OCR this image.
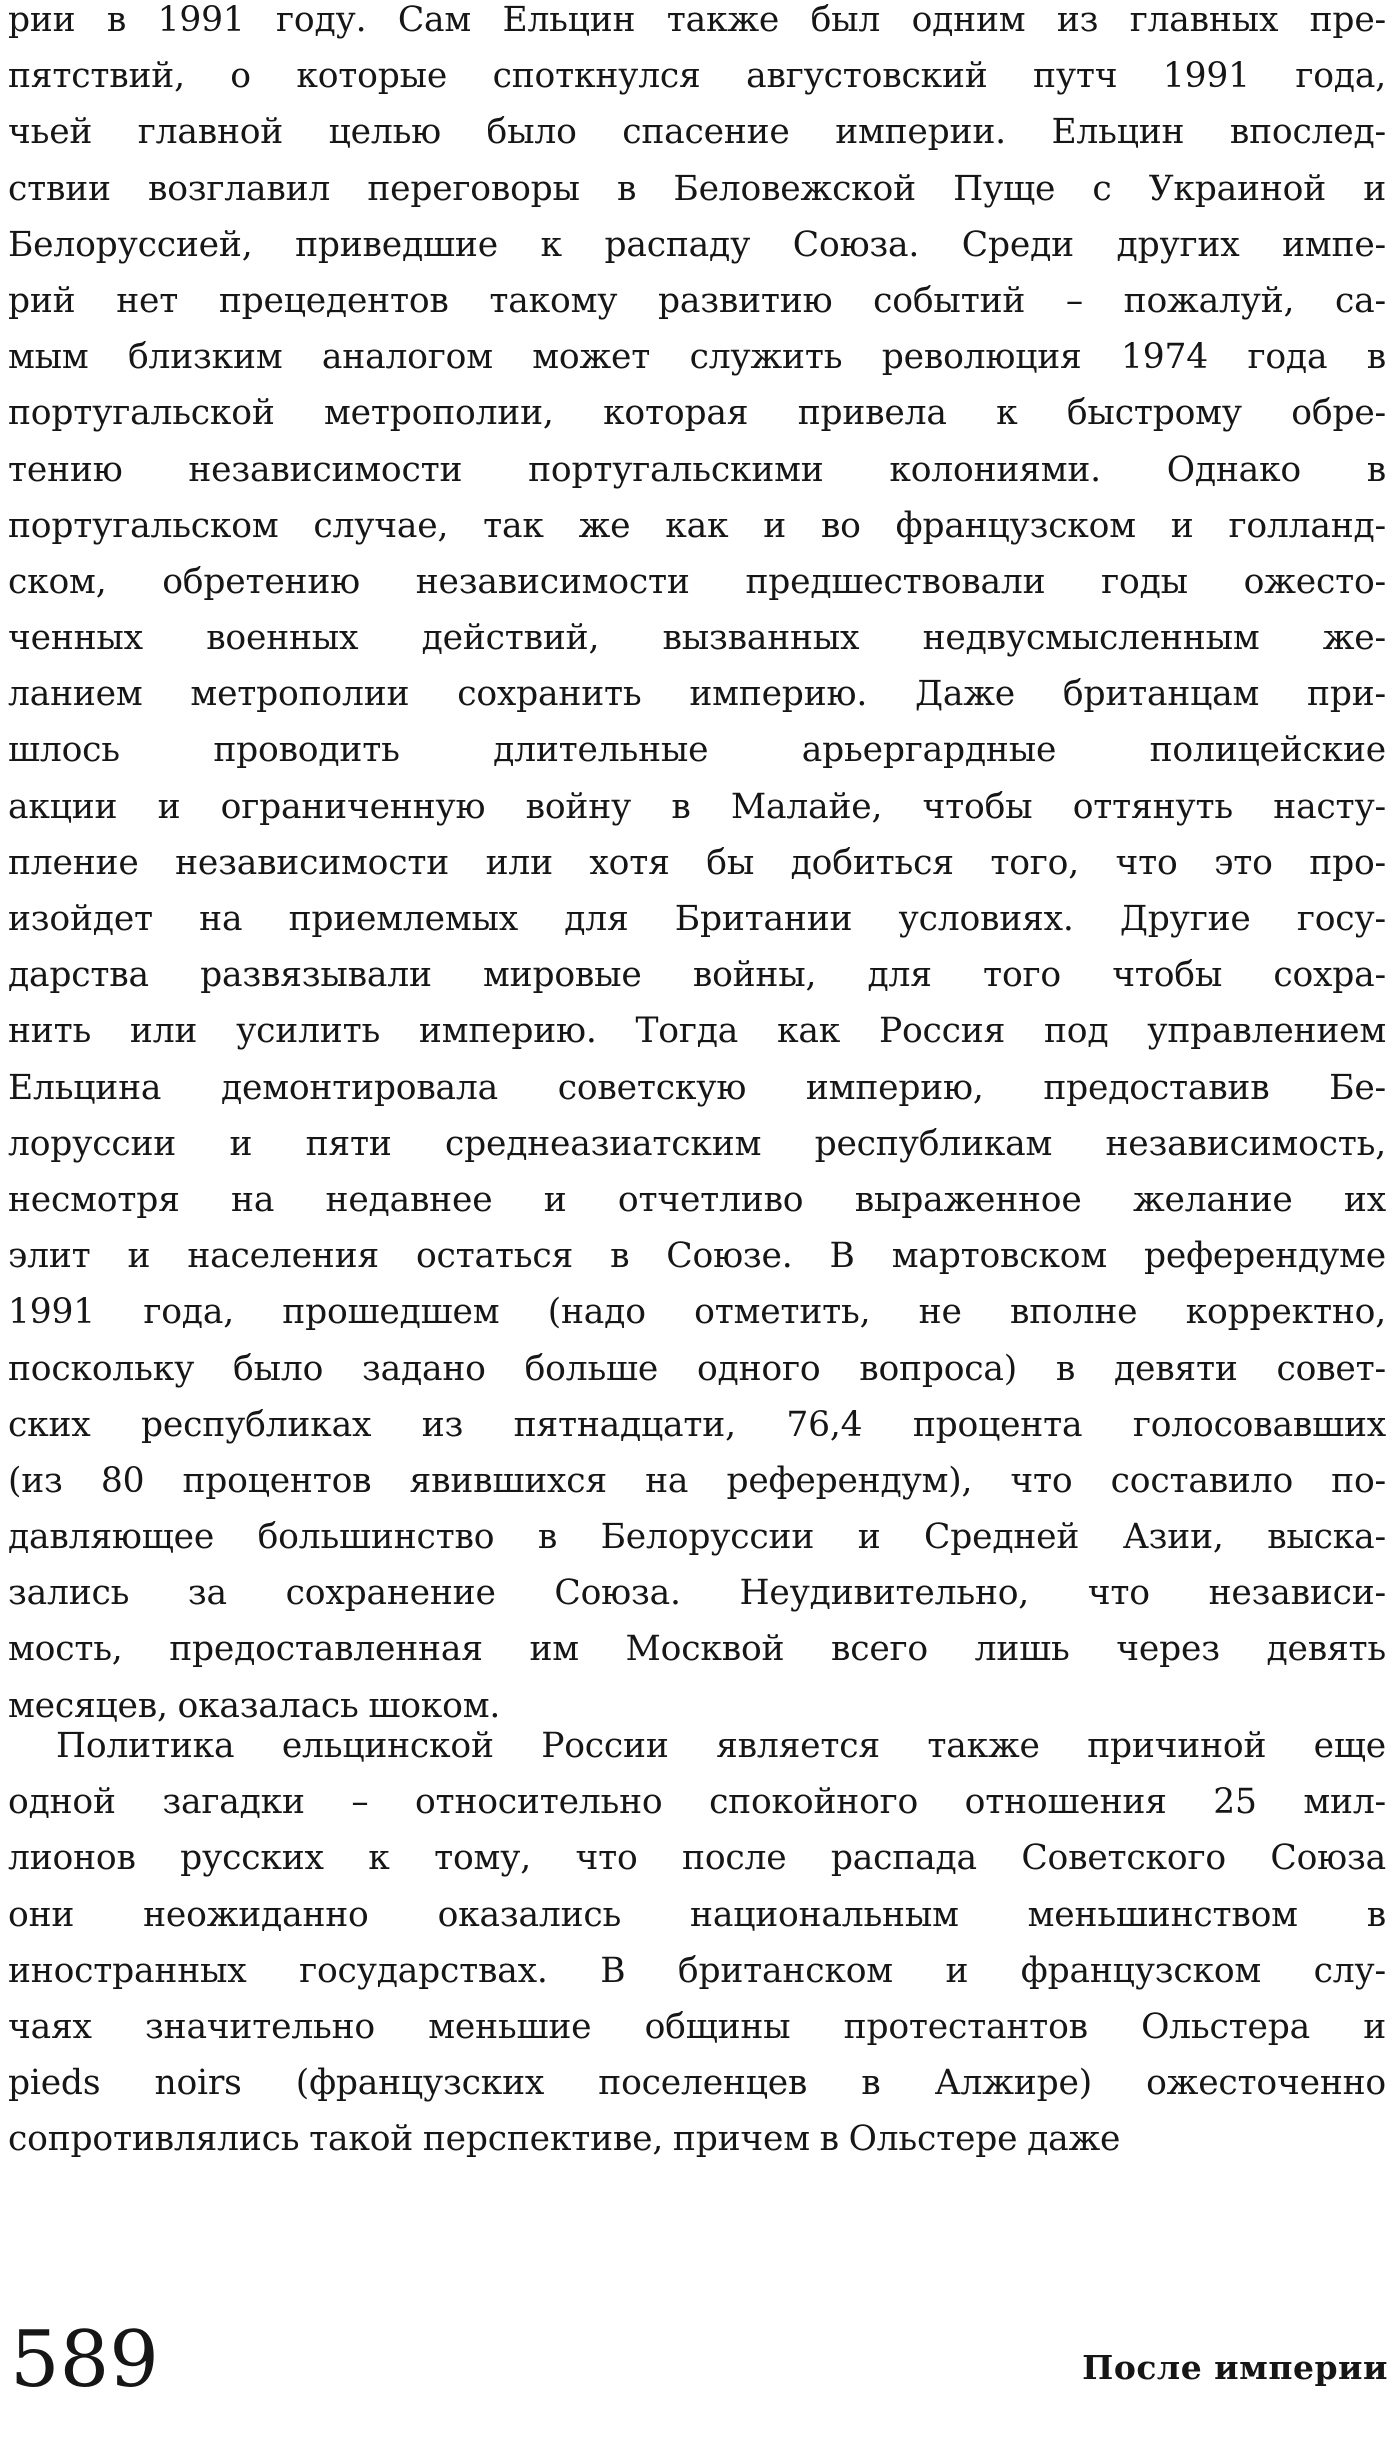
рии в 1991 году. Сам Ельцин также был одним из главных пре-
пятствий, о которые споткнулся августовский путч 1991 года,
чьей главной целью было спасение империи. Ельцин впослед-
ствии возглавил переговоры в Беловежской Пуще с Украиной и
Белоруссией, приведшие к распаду Союза. Среди других импе-
рий нет прецедентов такому развитию событий – пожалуй, са-
мым близким аналогом может служить революция 1974 года в
португальской метрополии, которая привела к быстрому обре-
тению независимости португальскими колониями. Однако в
португальском случае, так же как и во французском и голланд-
ском, обретению независимости предшествовали годы ожесто-
ченных военных действий, вызванных недвусмысленным же-
ланием метрополии сохранить империю. Даже британцам при-
шлось проводить длительные арьергардные полицейские
акции и ограниченную войну в Малайе, чтобы оттянуть насту-
пление независимости или хотя бы добиться того, что это про-
изойдет на приемлемых для Британии условиях. Другие госу-
дарства развязывали мировые войны, для того чтобы сохра-
нить или усилить империю. Тогда как Россия под управлением
Ельцина демонтировала советскую империю, предоставив Бе-
лоруссии и пяти среднеазиатским республикам независимость,
несмотря на недавнее и отчетливо выраженное желание их
элит и населения остаться в Союзе. В мартовском референдуме
1991 года, прошедшем (надо отметить, не вполне корректно,
поскольку было задано больше одного вопроса) в девяти совет-
ских республиках из пятнадцати, 76,4 процента голосовавших
(из 80 процентов явившихся на референдум), что составило по-
давляющее большинство в Белоруссии и Средней Азии, выска-
зались за сохранение Союза. Неудивительно, что независи-
мость, предоставленная им Москвой всего лишь через девять
месяцев, оказалась шоком.
Политика ельцинской России является также причиной еще
одной загадки – относительно спокойного отношения 25 мил-
лионов русских к тому, что после распада Советского Союза
они неожиданно оказались национальным меньшинством в
иностранных государствах. В британском и французском слу-
чаях значительно меньшие общины протестантов Ольстера и
pieds noirs (французских поселенцев в Алжире) ожесточенно
сопротивлялись такой перспективе, причем в Ольстере даже
589	После империи
